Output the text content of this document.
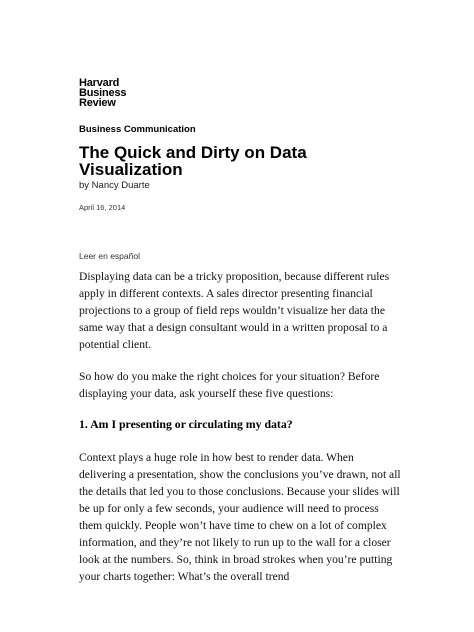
Harvard
Business
Review
Business Communication
The Quick and Dirty on Data Visualization
by Nancy Duarte
April 16, 2014
Leer en español

Displaying data can be a tricky proposition, because different rules apply in different contexts. A sales director presenting financial projections to a group of field reps wouldn’t visualize her data the same way that a design consultant would in a written proposal to a potential client.

So how do you make the right choices for your situation? Before displaying your data, ask yourself these five questions:

1. Am I presenting or circulating my data?

Context plays a huge role in how best to render data. When delivering a presentation, show the conclusions you’ve drawn, not all the details that led you to those conclusions. Because your slides will be up for only a few seconds, your audience will need to process them quickly. People won’t have time to chew on a lot of complex information, and they’re not likely to run up to the wall for a closer look at the numbers. So, think in broad strokes when you’re putting your charts together: What’s the overall trend
